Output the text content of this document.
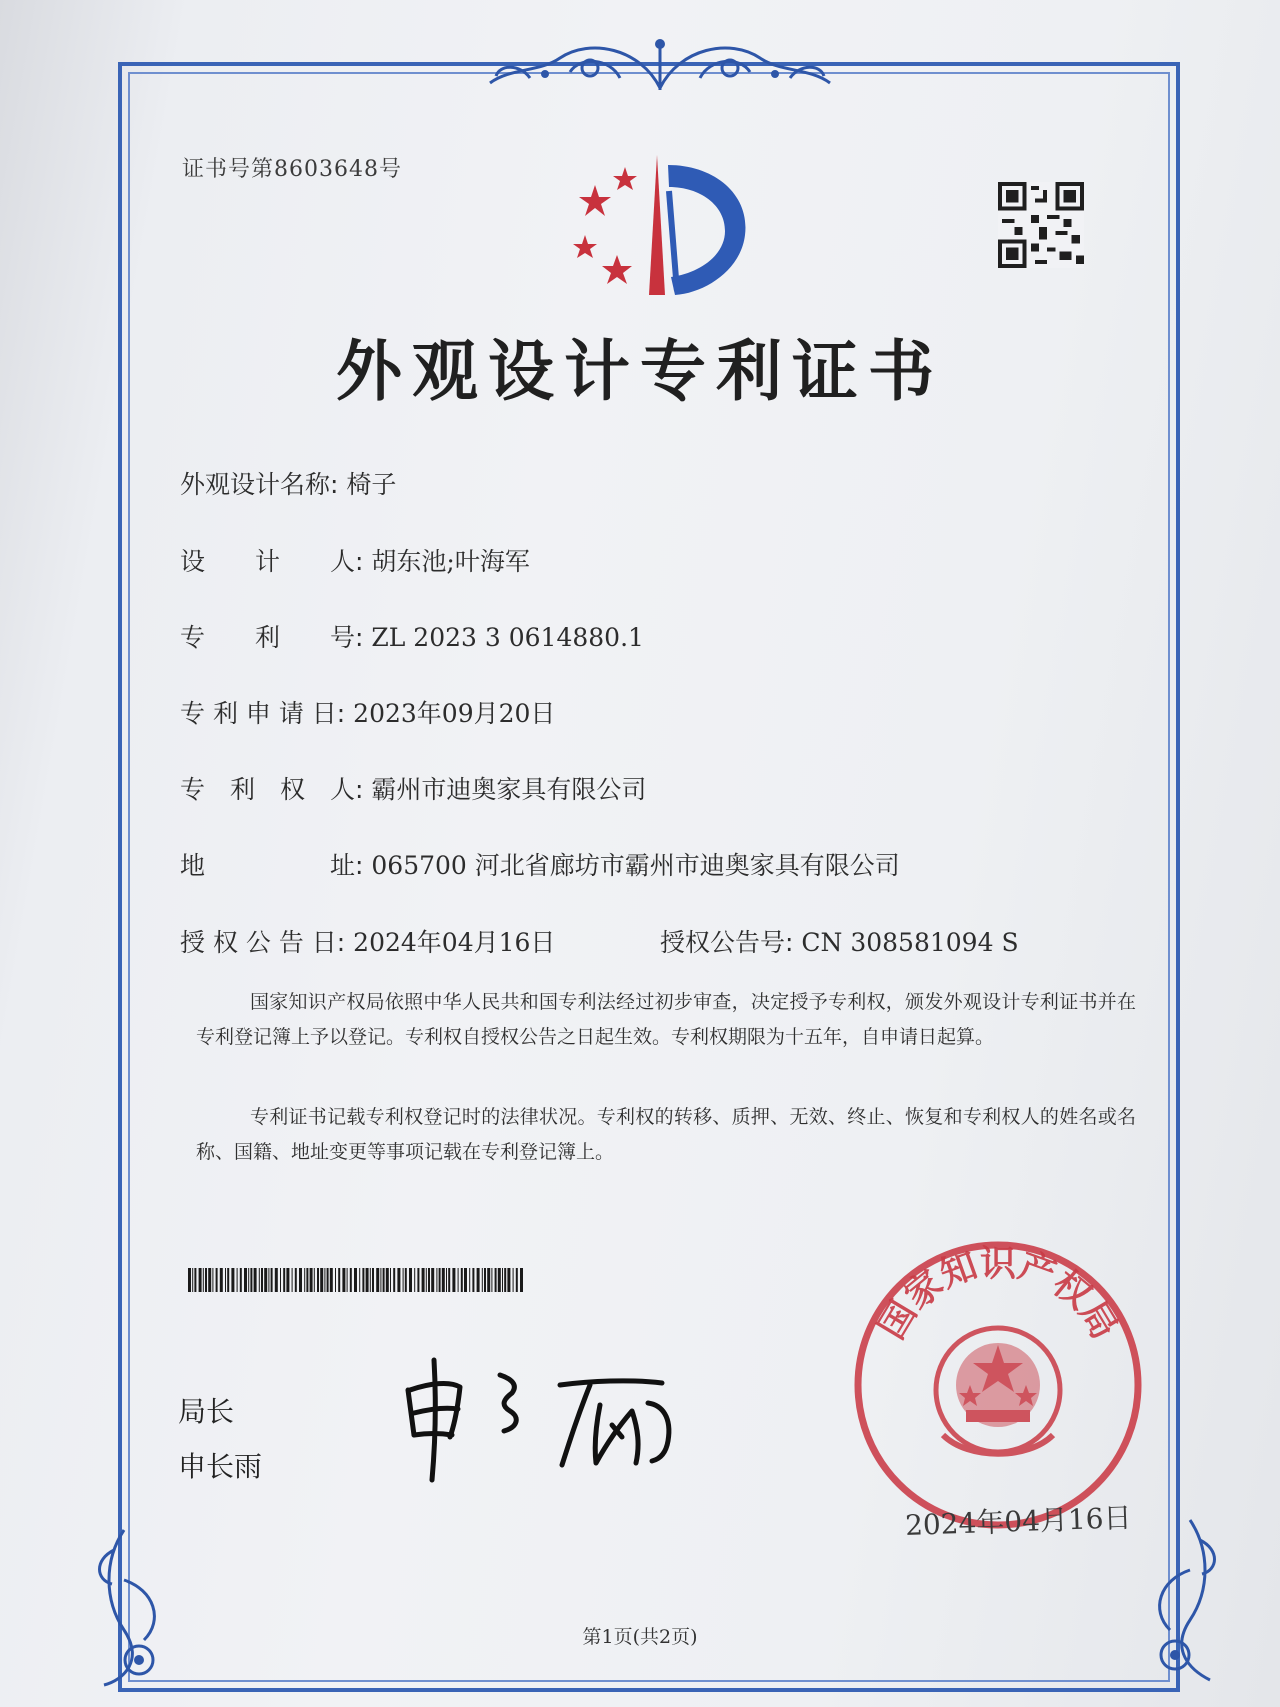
证书号第8603648号
外观设计专利证书
外观设计名称: 椅子
设　　计　　人: 胡东池;叶海军
专　　利　　号: ZL 2023 3 0614880.1
专 利 申 请 日: 2023年09月20日
专　利　权　人: 霸州市迪奥家具有限公司
地　　　　　址: 065700 河北省廊坊市霸州市迪奥家具有限公司
授 权 公 告 日: 2024年04月16日	授权公告号: CN 308581094 S
国家知识产权局依照中华人民共和国专利法经过初步审查，决定授予专利权，颁发外观设计专利证书并在专利登记簿上予以登记。专利权自授权公告之日起生效。专利权期限为十五年，自申请日起算。
专利证书记载专利权登记时的法律状况。专利权的转移、质押、无效、终止、恢复和专利权人的姓名或名称、国籍、地址变更等事项记载在专利登记簿上。
局长
申长雨
国家知识产权局
2024年04月16日
第1页(共2页)
